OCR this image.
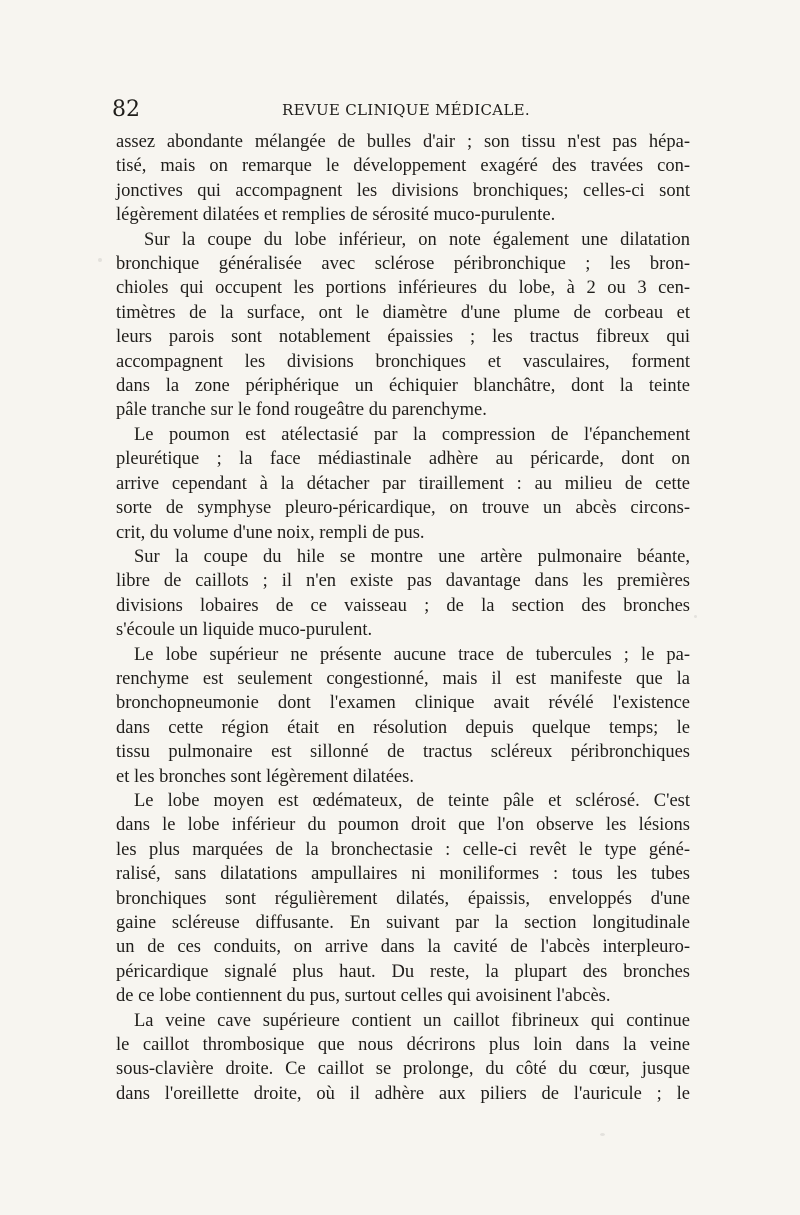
82	REVUE CLINIQUE MÉDICALE.
assez abondante mélangée de bulles d'air ; son tissu n'est pas hépa-
tisé, mais on remarque le développement exagéré des travées con-
jonctives qui accompagnent les divisions bronchiques; celles-ci sont
légèrement dilatées et remplies de sérosité muco-purulente.
Sur la coupe du lobe inférieur, on note également une dilatation
bronchique généralisée avec sclérose péribronchique ; les bron-
chioles qui occupent les portions inférieures du lobe, à 2 ou 3 cen-
timètres de la surface, ont le diamètre d'une plume de corbeau et
leurs parois sont notablement épaissies ; les tractus fibreux qui
accompagnent les divisions bronchiques et vasculaires, forment
dans la zone périphérique un échiquier blanchâtre, dont la teinte
pâle tranche sur le fond rougeâtre du parenchyme.
Le poumon est atélectasié par la compression de l'épanchement
pleurétique ; la face médiastinale adhère au péricarde, dont on
arrive cependant à la détacher par tiraillement : au milieu de cette
sorte de symphyse pleuro-péricardique, on trouve un abcès circons-
crit, du volume d'une noix, rempli de pus.
Sur la coupe du hile se montre une artère pulmonaire béante,
libre de caillots ; il n'en existe pas davantage dans les premières
divisions lobaires de ce vaisseau ; de la section des bronches
s'écoule un liquide muco-purulent.
Le lobe supérieur ne présente aucune trace de tubercules ; le pa-
renchyme est seulement congestionné, mais il est manifeste que la
bronchopneumonie dont l'examen clinique avait révélé l'existence
dans cette région était en résolution depuis quelque temps; le
tissu pulmonaire est sillonné de tractus scléreux péribronchiques
et les bronches sont légèrement dilatées.
Le lobe moyen est œdémateux, de teinte pâle et sclérosé. C'est
dans le lobe inférieur du poumon droit que l'on observe les lésions
les plus marquées de la bronchectasie : celle-ci revêt le type géné-
ralisé, sans dilatations ampullaires ni moniliformes : tous les tubes
bronchiques sont régulièrement dilatés, épaissis, enveloppés d'une
gaine scléreuse diffusante. En suivant par la section longitudinale
un de ces conduits, on arrive dans la cavité de l'abcès interpleuro-
péricardique signalé plus haut. Du reste, la plupart des bronches
de ce lobe contiennent du pus, surtout celles qui avoisinent l'abcès.
La veine cave supérieure contient un caillot fibrineux qui continue
le caillot thrombosique que nous décrirons plus loin dans la veine
sous-clavière droite. Ce caillot se prolonge, du côté du cœur, jusque
dans l'oreillette droite, où il adhère aux piliers de l'auricule ; le
